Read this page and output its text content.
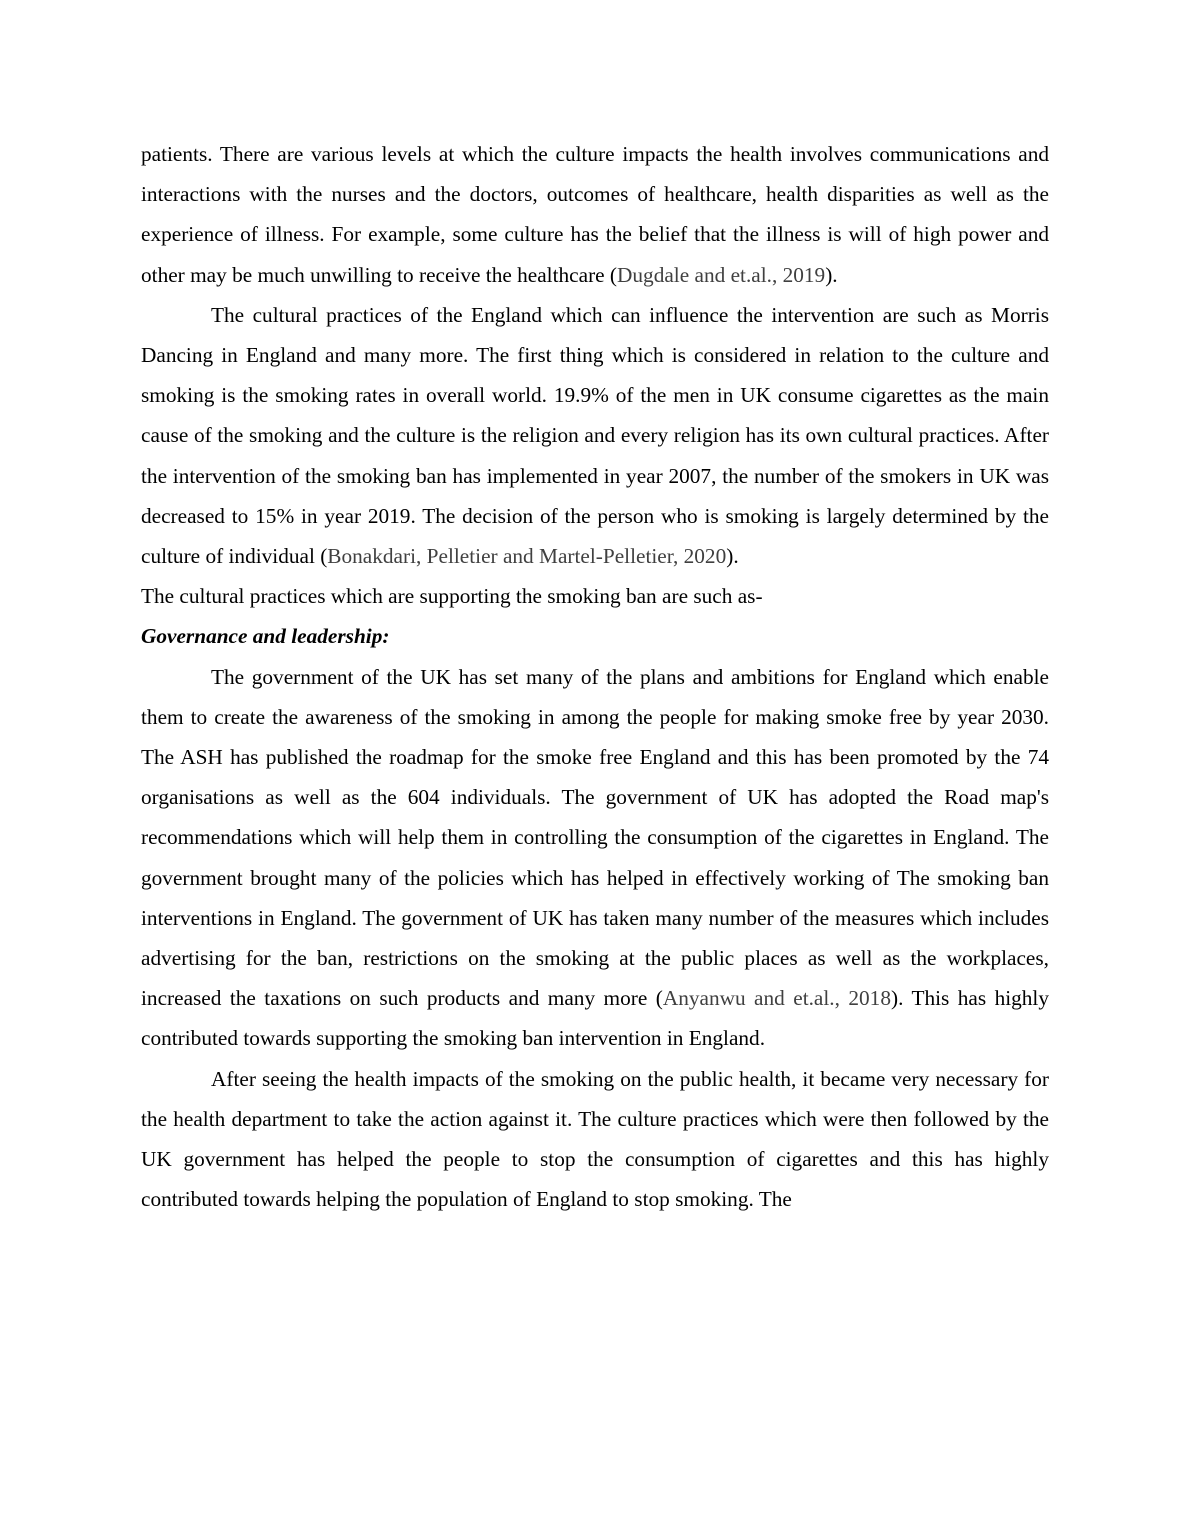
patients. There are various levels at which the culture impacts the health involves communications and interactions with the nurses and the doctors, outcomes of healthcare, health disparities as well as the experience of illness. For example, some culture has the belief that the illness is will of high power and other may be much unwilling to receive the healthcare (Dugdale and et.al., 2019).

The cultural practices of the England which can influence the intervention are such as Morris Dancing in England and many more. The first thing which is considered in relation to the culture and smoking is the smoking rates in overall world. 19.9% of the men in UK consume cigarettes as the main cause of the smoking and the culture is the religion and every religion has its own cultural practices. After the intervention of the smoking ban has implemented in year 2007, the number of the smokers in UK was decreased to 15% in year 2019. The decision of the person who is smoking is largely determined by the culture of individual (Bonakdari, Pelletier and Martel-Pelletier, 2020).

The cultural practices which are supporting the smoking ban are such as-

Governance and leadership:

The government of the UK has set many of the plans and ambitions for England which enable them to create the awareness of the smoking in among the people for making smoke free by year 2030. The ASH has published the roadmap for the smoke free England and this has been promoted by the 74 organisations as well as the 604 individuals. The government of UK has adopted the Road map's recommendations which will help them in controlling the consumption of the cigarettes in England. The government brought many of the policies which has helped in effectively working of The smoking ban interventions in England. The government of UK has taken many number of the measures which includes advertising for the ban, restrictions on the smoking at the public places as well as the workplaces, increased the taxations on such products and many more (Anyanwu and et.al., 2018). This has highly contributed towards supporting the smoking ban intervention in England.

After seeing the health impacts of the smoking on the public health, it became very necessary for the health department to take the action against it. The culture practices which were then followed by the UK government has helped the people to stop the consumption of cigarettes and this has highly contributed towards helping the population of England to stop smoking. The
